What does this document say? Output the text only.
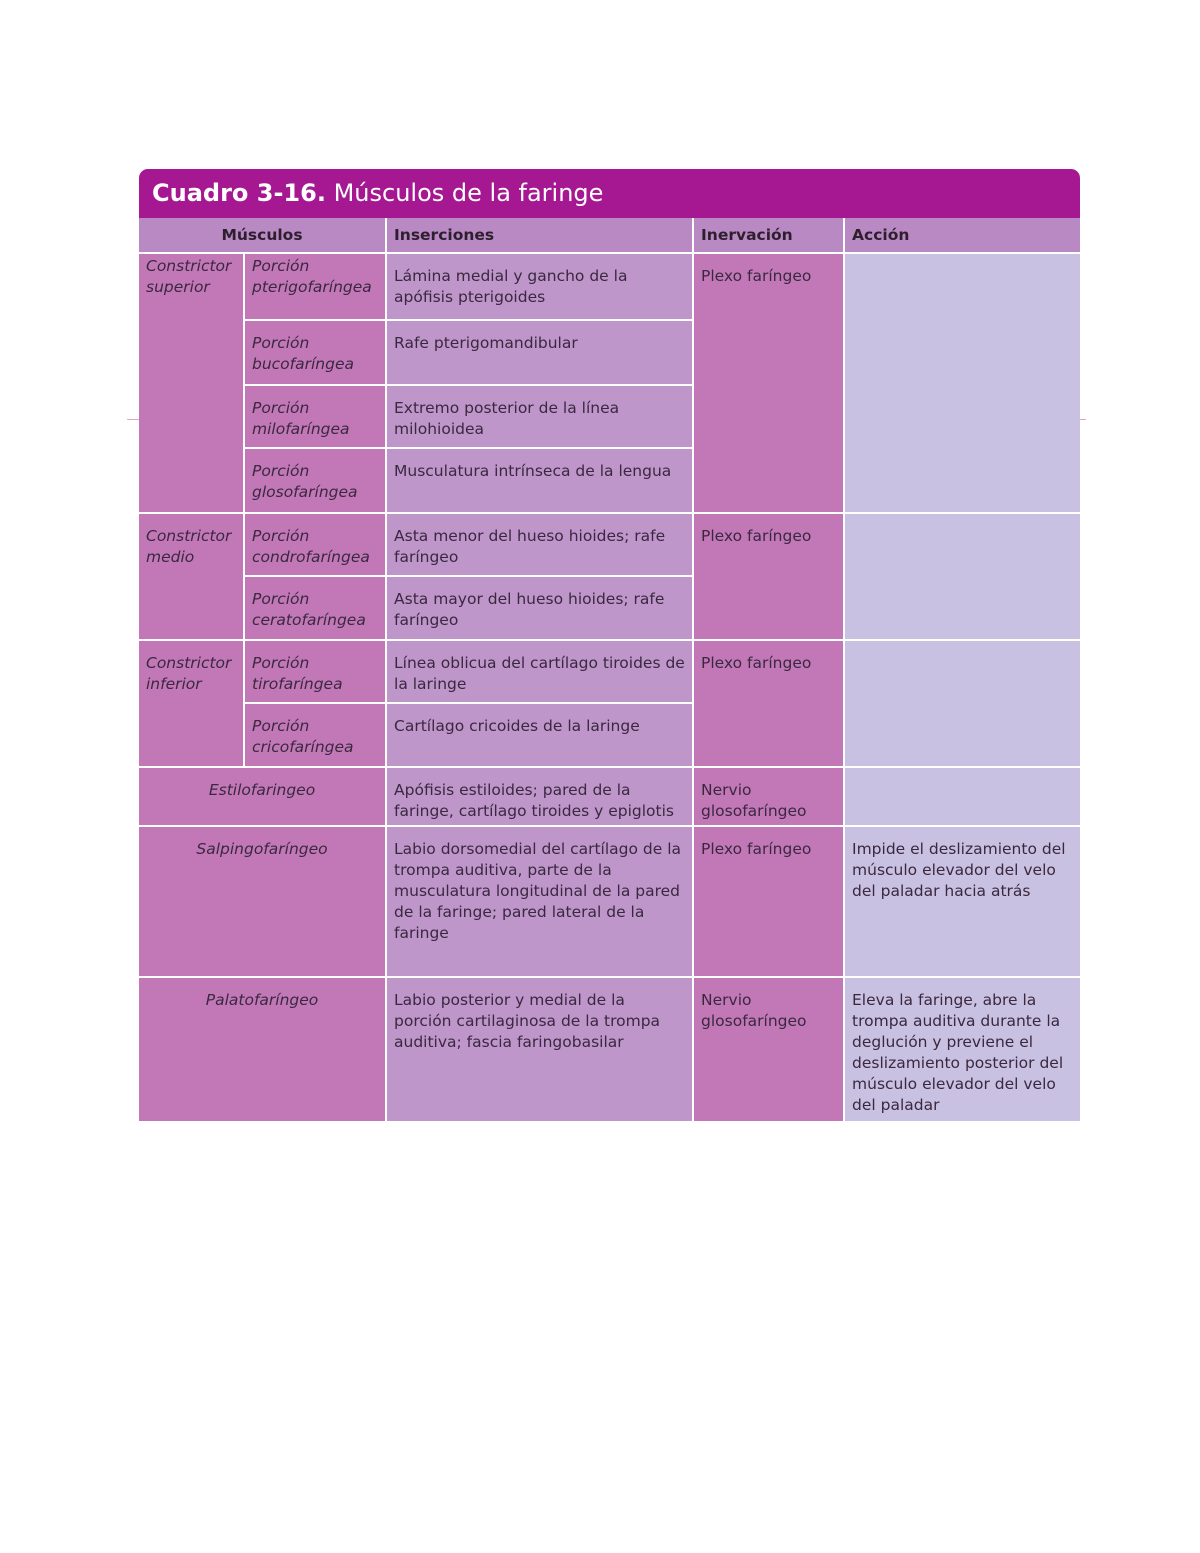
Cuadro 3-16. Músculos de la faringe
Músculos		Inserciones	Inervación	Acción
Constrictor superior	Porción pterigofaríngea	Lámina medial y gancho de la apófisis pterigoides	Plexo faríngeo	
	Porción bucofaríngea	Rafe pterigomandibular		
	Porción milofaríngea	Extremo posterior de la línea milohioidea		
	Porción glosofaríngea	Musculatura intrínseca de la lengua		
Constrictor medio	Porción condrofaríngea	Asta menor del hueso hioides; rafe faríngeo	Plexo faríngeo	
	Porción ceratofaríngea	Asta mayor del hueso hioides; rafe faríngeo		
Constrictor inferior	Porción tirofaríngea	Línea oblicua del cartílago tiroides de la laringe	Plexo faríngeo	
	Porción cricofaríngea	Cartílago cricoides de la laringe		
Estilofaringeo		Apófisis estiloides; pared de la faringe, cartílago tiroides y epiglotis	Nervio glosofaríngeo	
Salpingofaríngeo		Labio dorsomedial del cartílago de la trompa auditiva, parte de la musculatura longitudinal de la pared de la faringe; pared lateral de la faringe	Plexo faríngeo	Impide el deslizamiento del músculo elevador del velo del paladar hacia atrás
Palatofaríngeo		Labio posterior y medial de la porción cartilaginosa de la trompa auditiva; fascia faringobasilar	Nervio glosofaríngeo	Eleva la faringe, abre la trompa auditiva durante la deglución y previene el deslizamiento posterior del músculo elevador del velo del paladar
